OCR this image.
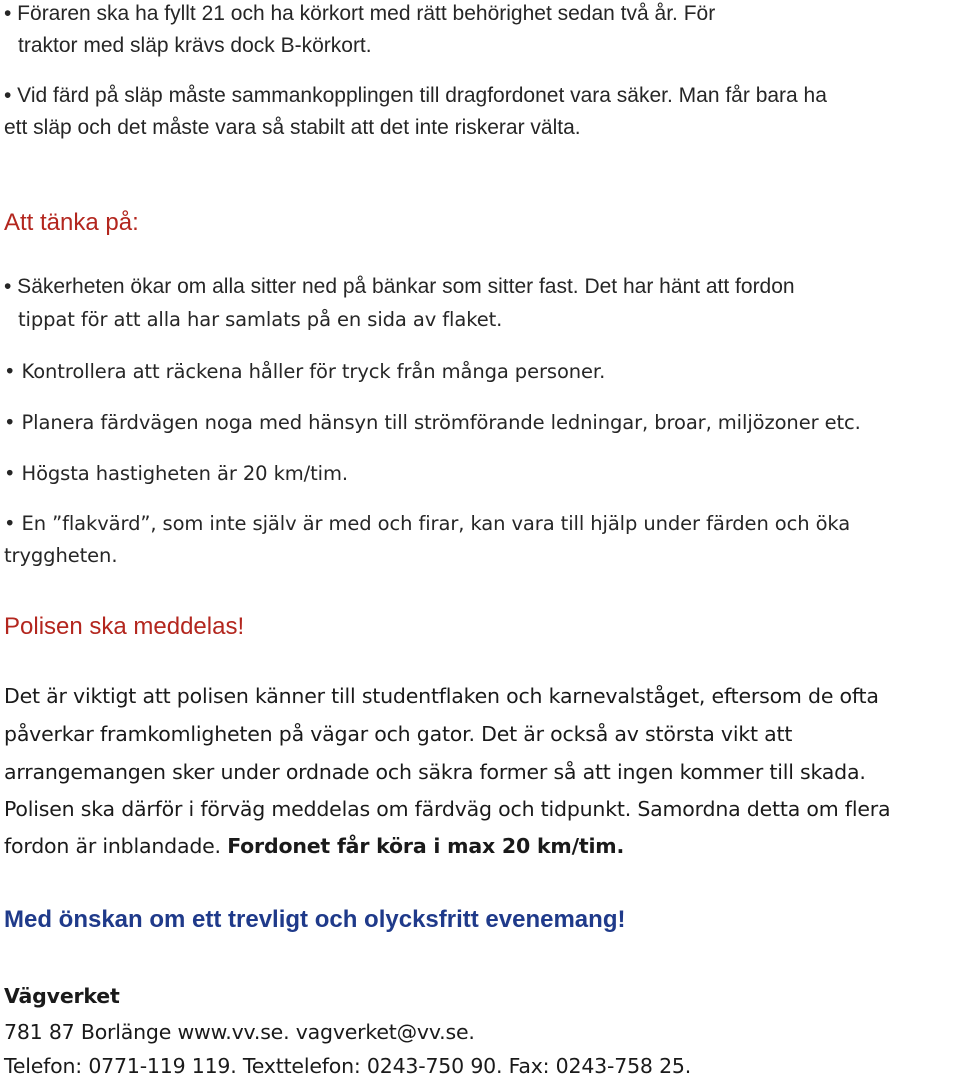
• Föraren ska ha fyllt 21 och ha körkort med rätt behörighet sedan två år. För
traktor med släp krävs dock B-körkort.
• Vid färd på släp måste sammankopplingen till dragfordonet vara säker. Man får bara ha
ett släp och det måste vara så stabilt att det inte riskerar välta.
Att tänka på:
• Säkerheten ökar om alla sitter ned på bänkar som sitter fast. Det har hänt att fordon
tippat för att alla har samlats på en sida av flaket.
• Kontrollera att räckena håller för tryck från många personer.
• Planera färdvägen noga med hänsyn till strömförande ledningar, broar, miljözoner etc.
• Högsta hastigheten är 20 km/tim.
• En ”flakvärd”, som inte själv är med och firar, kan vara till hjälp under färden och öka
tryggheten.
Polisen ska meddelas!
Det är viktigt att polisen känner till studentflaken och karnevalståget, eftersom de ofta
påverkar framkomligheten på vägar och gator. Det är också av största vikt att
arrangemangen sker under ordnade och säkra former så att ingen kommer till skada.
Polisen ska därför i förväg meddelas om färdväg och tidpunkt. Samordna detta om flera
fordon är inblandade. Fordonet får köra i max 20 km/tim.
Med önskan om ett trevligt och olycksfritt evenemang!
Vägverket
781 87 Borlänge www.vv.se. vagverket@vv.se.
Telefon: 0771-119 119. Texttelefon: 0243-750 90. Fax: 0243-758 25.
